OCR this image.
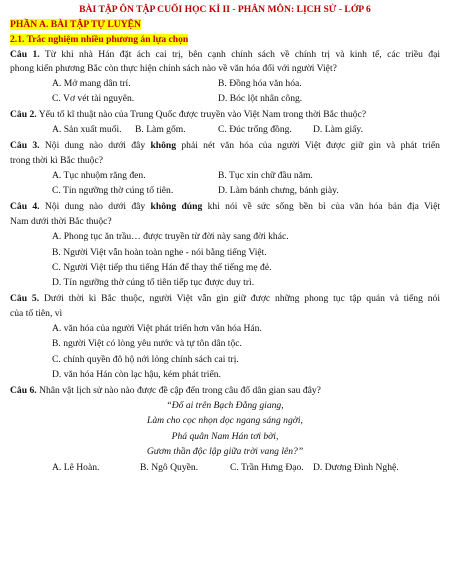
BÀI TẬP ÔN TẬP CUỐI HỌC KÌ II - PHÂN MÔN: LỊCH SỬ - LỚP 6
PHẦN A. BÀI TẬP TỰ LUYỆN
2.1. Trắc nghiệm nhiều phương án lựa chọn
Câu 1. Từ khi nhà Hán đặt ách cai trị, bên cạnh chính sách về chính trị và kinh tế, các triều đại
phong kiến phương Bắc còn thực hiện chính sách nào về văn hóa đối với người Việt?
A. Mở mang dân trí.	B. Đồng hóa văn hóa.
C. Vơ vét tài nguyên.	D. Bóc lột nhân công.
Câu 2. Yếu tố kĩ thuật nào của Trung Quốc được truyền vào Việt Nam trong thời Bắc thuộc?
A. Sản xuất muối. B. Làm gốm.	C. Đúc trống đồng. D. Làm giấy.
Câu 3. Nội dung nào dưới đây không phải nét văn hóa của người Việt được giữ gìn và phát triển
trong thời kì Bắc thuộc?
A. Tục nhuộm răng đen.	B. Tục xin chữ đầu năm.
C. Tín ngưỡng thờ cúng tổ tiên.	D. Làm bánh chưng, bánh giày.
Câu 4. Nội dung nào dưới đây không đúng khi nói về sức sống bền bỉ của văn hóa bản địa Việt
Nam dưới thời Bắc thuộc?
A. Phong tục ăn trầu… được truyền từ đời này sang đời khác.
B. Người Việt vẫn hoàn toàn nghe - nói bằng tiếng Việt.
C. Người Việt tiếp thu tiếng Hán để thay thế tiếng mẹ đẻ.
D. Tín ngưỡng thờ cúng tổ tiên tiếp tục được duy trì.
Câu 5. Dưới thời kì Bắc thuộc, người Việt vẫn gìn giữ được những phong tục tập quán và tiếng nói
của tổ tiên, vì
A. văn hóa của người Việt phát triển hơn văn hóa Hán.
B. người Việt có lòng yêu nước và tự tôn dân tộc.
C. chính quyền đô hộ nới lỏng chính sách cai trị.
D. văn hóa Hán còn lạc hậu, kém phát triển.
Câu 6. Nhân vật lịch sử nào nào được đề cập đến trong câu đố dân gian sau đây?
“Đố ai trên Bạch Đằng giang,
Làm cho cọc nhọn dọc ngang sáng ngời,
Phá quân Nam Hán tơi bời,
Gươm thần độc lập giữa trời vang lên?”
A. Lê Hoàn.	B. Ngô Quyền.	C. Trần Hưng Đạo. D. Dương Đình Nghệ.
